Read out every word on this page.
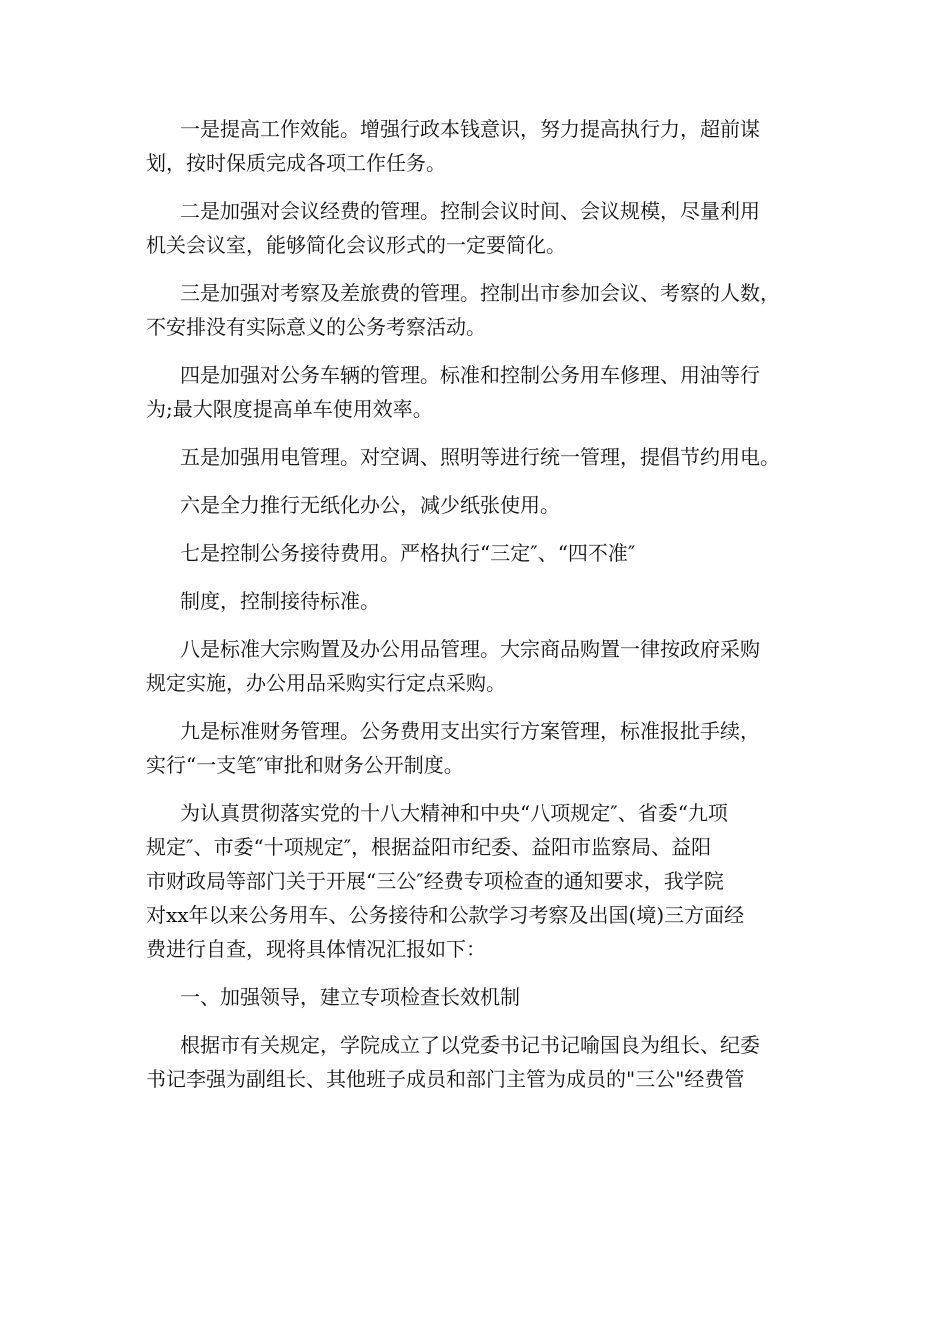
一是提高工作效能。增强行政本钱意识，努力提高执行力，超前谋
划，按时保质完成各项工作任务。

二是加强对会议经费的管理。控制会议时间、会议规模，尽量利用
机关会议室，能够简化会议形式的一定要简化。

三是加强对考察及差旅费的管理。控制出市参加会议、考察的人数，
不安排没有实际意义的公务考察活动。

四是加强对公务车辆的管理。标准和控制公务用车修理、用油等行
为;最大限度提高单车使用效率。

五是加强用电管理。对空调、照明等进行统一管理，提倡节约用电。

六是全力推行无纸化办公，减少纸张使用。

七是控制公务接待费用。严格执行“三定″、“四不准″

制度，控制接待标准。

八是标准大宗购置及办公用品管理。大宗商品购置一律按政府采购
规定实施，办公用品采购实行定点采购。

九是标准财务管理。公务费用支出实行方案管理，标准报批手续，
实行“一支笔″审批和财务公开制度。

为认真贯彻落实党的十八大精神和中央“八项规定″、省委“九项
规定″、市委“十项规定″，根据益阳市纪委、益阳市监察局、益阳
市财政局等部门关于开展“三公″经费专项检查的通知要求，我学院
对xx年以来公务用车、公务接待和公款学习考察及出国(境)三方面经
费进行自查，现将具体情况汇报如下：

一、加强领导，建立专项检查长效机制

根据市有关规定，学院成立了以党委书记书记喻国良为组长、纪委
书记李强为副组长、其他班子成员和部门主管为成员的"三公"经费管
